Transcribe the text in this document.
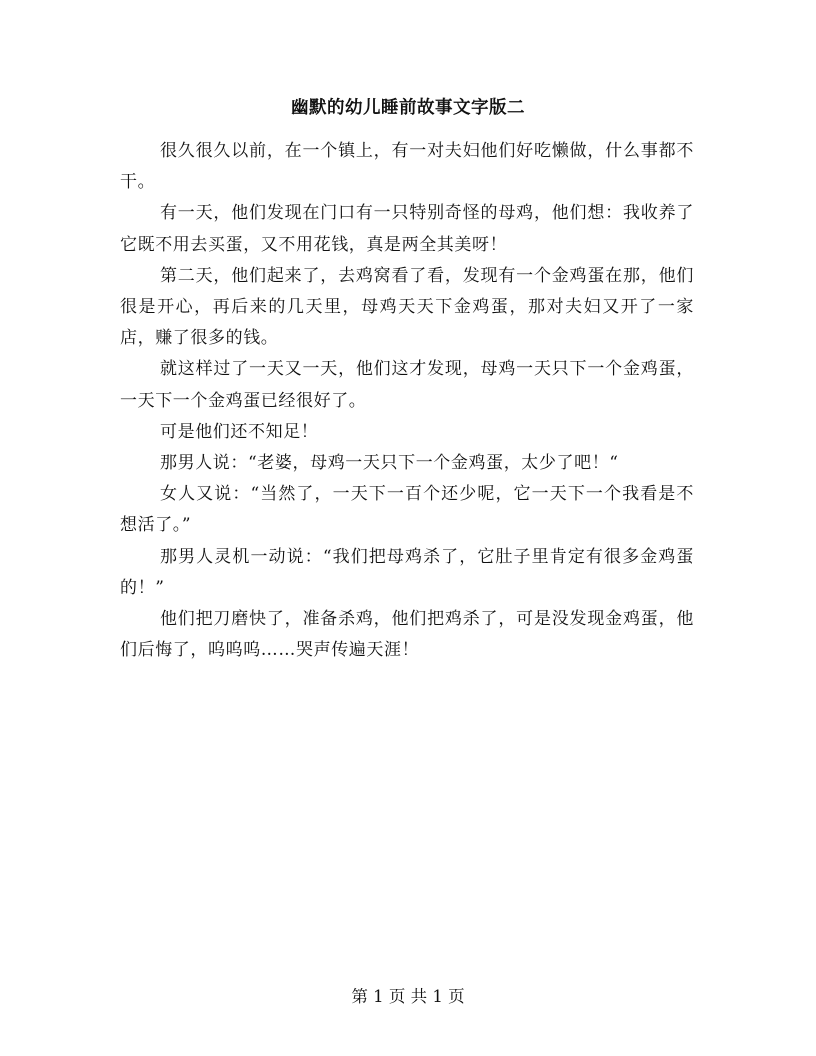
幽默的幼儿睡前故事文字版二

很久很久以前，在一个镇上，有一对夫妇他们好吃懒做，什么事都不干。

有一天，他们发现在门口有一只特别奇怪的母鸡，他们想：我收养了它既不用去买蛋，又不用花钱，真是两全其美呀！

第二天，他们起来了，去鸡窝看了看，发现有一个金鸡蛋在那，他们很是开心，再后来的几天里，母鸡天天下金鸡蛋，那对夫妇又开了一家店，赚了很多的钱。

就这样过了一天又一天，他们这才发现，母鸡一天只下一个金鸡蛋，一天下一个金鸡蛋已经很好了。

可是他们还不知足！

那男人说：“老婆，母鸡一天只下一个金鸡蛋，太少了吧！“

女人又说：“当然了，一天下一百个还少呢，它一天下一个我看是不想活了。”

那男人灵机一动说：“我们把母鸡杀了，它肚子里肯定有很多金鸡蛋的！”

他们把刀磨快了，准备杀鸡，他们把鸡杀了，可是没发现金鸡蛋，他们后悔了，呜呜呜……哭声传遍天涯！

第 1 页 共 1 页
